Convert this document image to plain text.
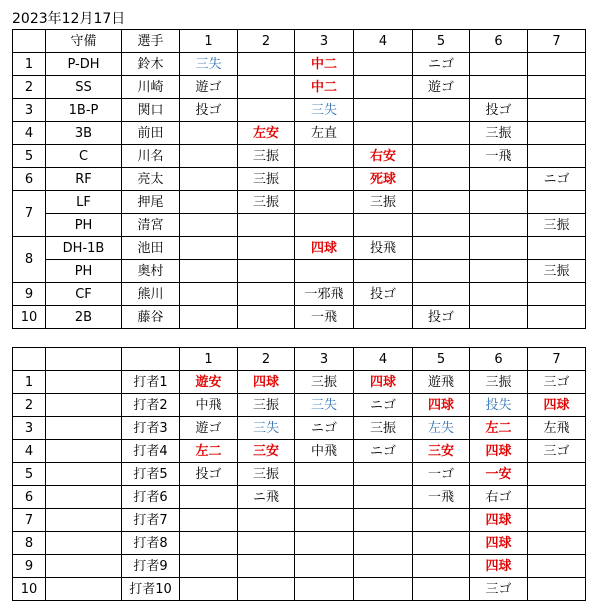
2023年12月17日
	守備	選手	1	2	3	4	5	6	7
1	P-DH	鈴木	三失		中二		ニゴ		
2	SS	川崎	遊ゴ		中二		遊ゴ		
3	1B-P	関口	投ゴ		三失			投ゴ	
4	3B	前田		左安	左直			三振	
5	C	川名		三振		右安		一飛	
6	RF	亮太		三振		死球			ニゴ
7	LF	押尾		三振		三振			
	PH	清宮							三振
8	DH-1B	池田			四球	投飛			
	PH	奥村							三振
9	CF	熊川			一邪飛	投ゴ			
10	2B	藤谷			一飛		投ゴ		
			1	2	3	4	5	6	7
1		打者1	遊安	四球	三振	四球	遊飛	三振	三ゴ
2		打者2	中飛	三振	三失	ニゴ	四球	投失	四球
3		打者3	遊ゴ	三失	ニゴ	三振	左失	左二	左飛
4		打者4	左二	三安	中飛	ニゴ	三安	四球	三ゴ
5		打者5	投ゴ	三振			一ゴ	一安	
6		打者6		ニ飛			一飛	右ゴ	
7		打者7						四球	
8		打者8						四球	
9		打者9						四球	
10		打者10						三ゴ	
